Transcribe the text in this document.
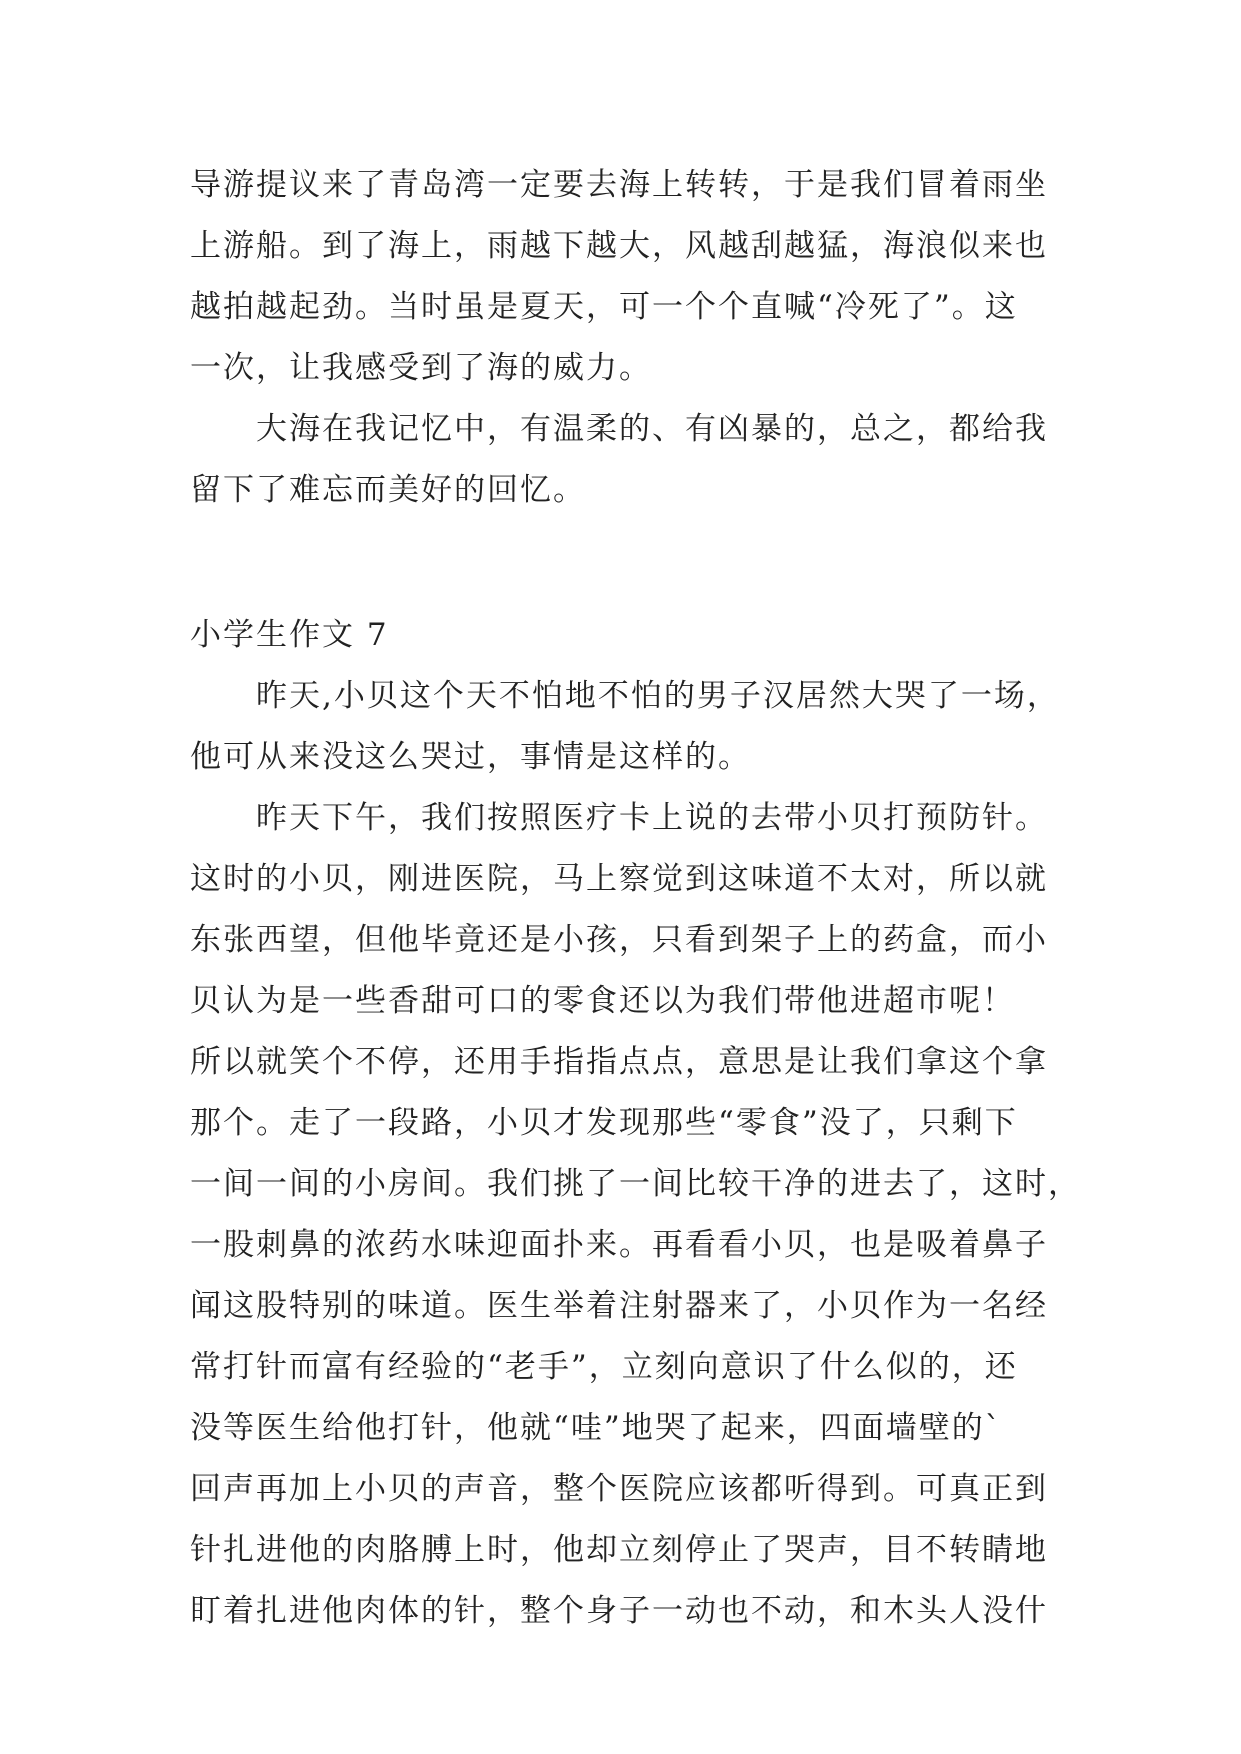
导游提议来了青岛湾一定要去海上转转，于是我们冒着雨坐
上游船。到了海上，雨越下越大，风越刮越猛，海浪似来也
越拍越起劲。当时虽是夏天，可一个个直喊“冷死了”。这
一次，让我感受到了海的威力。
　　大海在我记忆中，有温柔的、有凶暴的，总之，都给我
留下了难忘而美好的回忆。
小学生作文 7
　　昨天,小贝这个天不怕地不怕的男子汉居然大哭了一场，
他可从来没这么哭过，事情是这样的。
　　昨天下午，我们按照医疗卡上说的去带小贝打预防针。
这时的小贝，刚进医院，马上察觉到这味道不太对，所以就
东张西望，但他毕竟还是小孩，只看到架子上的药盒，而小
贝认为是一些香甜可口的零食还以为我们带他进超市呢！
所以就笑个不停，还用手指指点点，意思是让我们拿这个拿
那个。走了一段路，小贝才发现那些“零食”没了，只剩下
一间一间的小房间。我们挑了一间比较干净的进去了，这时，
一股刺鼻的浓药水味迎面扑来。再看看小贝，也是吸着鼻子
闻这股特别的味道。医生举着注射器来了，小贝作为一名经
常打针而富有经验的“老手”，立刻向意识了什么似的，还
没等医生给他打针，他就“哇”地哭了起来，四面墙壁的`
回声再加上小贝的声音，整个医院应该都听得到。可真正到
针扎进他的肉胳膊上时，他却立刻停止了哭声，目不转睛地
盯着扎进他肉体的针，整个身子一动也不动，和木头人没什
